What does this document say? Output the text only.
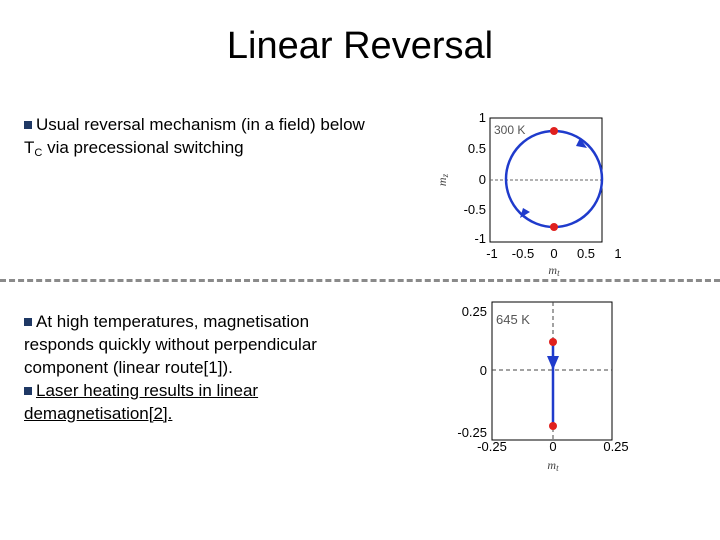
Linear Reversal
Usual reversal mechanism (in a field) below
$T_C$ via precessional switching
At high temperatures, magnetisation
responds quickly without perpendicular
component (linear route[1]).
Laser heating results in linear
demagnetisation[2].
300 K
1
0.5
0
-0.5
-1
-1 -0.5 0 0.5 1
mt
mz
645 K
0.25
0
-0.25
-0.25	0	0.25
mt
